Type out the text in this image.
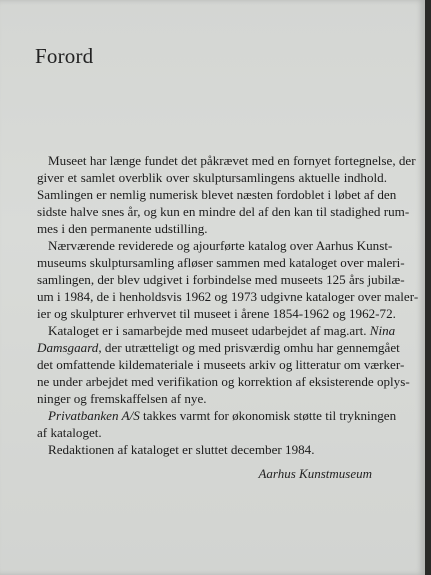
Forord

Museet har længe fundet det påkrævet med en fornyet fortegnelse, der
giver et samlet overblik over skulptursamlingens aktuelle indhold.
Samlingen er nemlig numerisk blevet næsten fordoblet i løbet af den
sidste halve snes år, og kun en mindre del af den kan til stadighed rum-
mes i den permanente udstilling.

Nærværende reviderede og ajourførte katalog over Aarhus Kunst-
museums skulptursamling afløser sammen med kataloget over maleri-
samlingen, der blev udgivet i forbindelse med museets 125 års jubilæ-
um i 1984, de i henholdsvis 1962 og 1973 udgivne kataloger over maler-
ier og skulpturer erhvervet til museet i årene 1854-1962 og 1962-72.

Kataloget er i samarbejde med museet udarbejdet af mag.art. Nina
Damsgaard, der utrætteligt og med prisværdig omhu har gennemgået
det omfattende kildemateriale i museets arkiv og litteratur om værker-
ne under arbejdet med verifikation og korrektion af eksisterende oplys-
ninger og fremskaffelsen af nye.

Privatbanken A/S takkes varmt for økonomisk støtte til trykningen
af kataloget.

Redaktionen af kataloget er sluttet december 1984.

Aarhus Kunstmuseum
